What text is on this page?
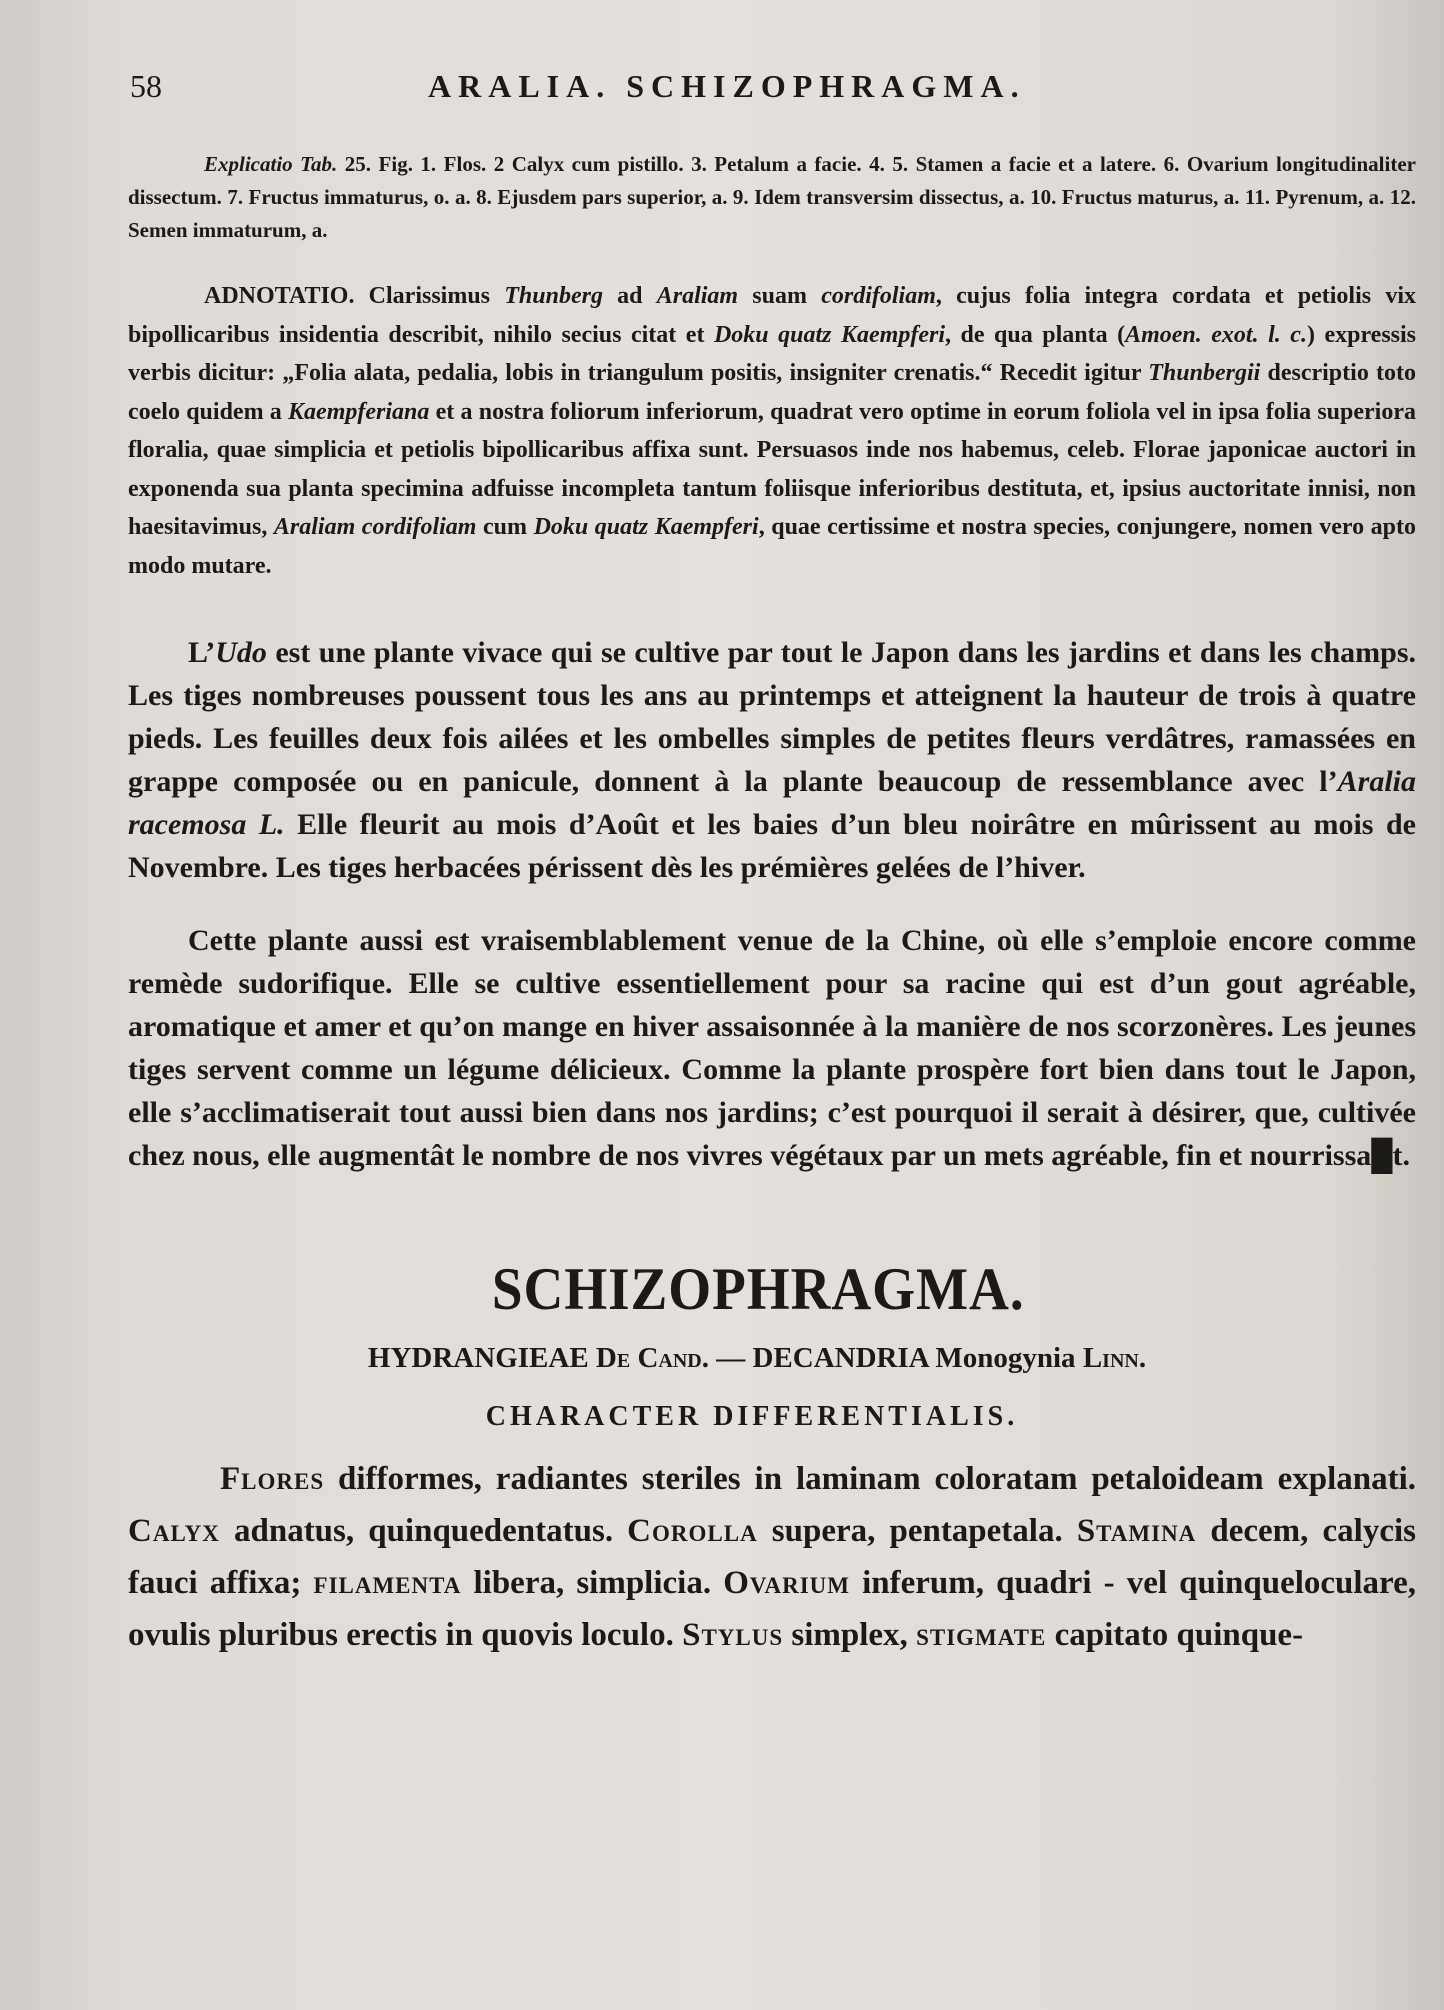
58	ARALIA. SCHIZOPHRAGMA.

Explicatio Tab. 25. Fig. 1. Flos. 2 Calyx cum pistillo. 3. Petalum a facie. 4. 5. Stamen a facie et a latere. 6. Ovarium longitudinaliter dissectum. 7. Fructus immaturus, o. a. 8. Ejusdem pars superior, a. 9. Idem transversim dissectus, a. 10. Fructus maturus, a. 11. Pyrenum, a. 12. Semen immaturum, a.

ADNOTATIO. Clarissimus Thunberg ad Araliam suam cordifoliam, cujus folia integra cordata et petiolis vix bipollicaribus insidentia describit, nihilo secius citat et Doku quatz Kaempferi, de qua planta (Amoen. exot. l. c.) expressis verbis dicitur: „Folia alata, pedalia, lobis in triangulum positis, insigniter crenatis.“ Recedit igitur Thunbergii descriptio toto coelo quidem a Kaempferiana et a nostra foliorum inferiorum, quadrat vero optime in eorum foliola vel in ipsa folia superiora floralia, quae simplicia et petiolis bipollicaribus affixa sunt. Persuasos inde nos habemus, celeb. Florae japonicae auctori in exponenda sua planta specimina adfuisse incompleta tantum foliisque inferioribus destituta, et, ipsius auctoritate innisi, non haesitavimus, Araliam cordifoliam cum Doku quatz Kaempferi, quae certissime et nostra species, conjungere, nomen vero apto modo mutare.

L’Udo est une plante vivace qui se cultive par tout le Japon dans les jardins et dans les champs. Les tiges nombreuses poussent tous les ans au printemps et atteignent la hauteur de trois à quatre pieds. Les feuilles deux fois ailées et les ombelles simples de petites fleurs verdâtres, ramassées en grappe composée ou en panicule, donnent à la plante beaucoup de ressemblance avec l’Aralia racemosa L. Elle fleurit au mois d’Août et les baies d’un bleu noirâtre en mûrissent au mois de Novembre. Les tiges herbacées périssent dès les prémières gelées de l’hiver.

Cette plante aussi est vraisemblablement venue de la Chine, où elle s’emploie encore comme remède sudorifique. Elle se cultive essentiellement pour sa racine qui est d’un gout agréable, aromatique et amer et qu’on mange en hiver assaisonnée à la manière de nos scorzonères. Les jeunes tiges servent comme un légume délicieux. Comme la plante prospère fort bien dans tout le Japon, elle s’acclimatiserait tout aussi bien dans nos jardins; c’est pourquoi il serait à désirer, que, cultivée chez nous, elle augmentât le nombre de nos vivres végétaux par un mets agréable, fin et nourrissa█t.

SCHIZOPHRAGMA.
HYDRANGIEAE De Cand. — DECANDRIA Monogynia Linn.
CHARACTER DIFFERENTIALIS.

Flores difformes, radiantes steriles in laminam coloratam petaloideam explanati. Calyx adnatus, quinquedentatus. Corolla supera, pentapetala. Stamina decem, calycis fauci affixa; filamenta libera, simplicia. Ovarium inferum, quadri - vel quinqueloculare, ovulis pluribus erectis in quovis loculo. Stylus simplex, stigmate capitato quinque-
